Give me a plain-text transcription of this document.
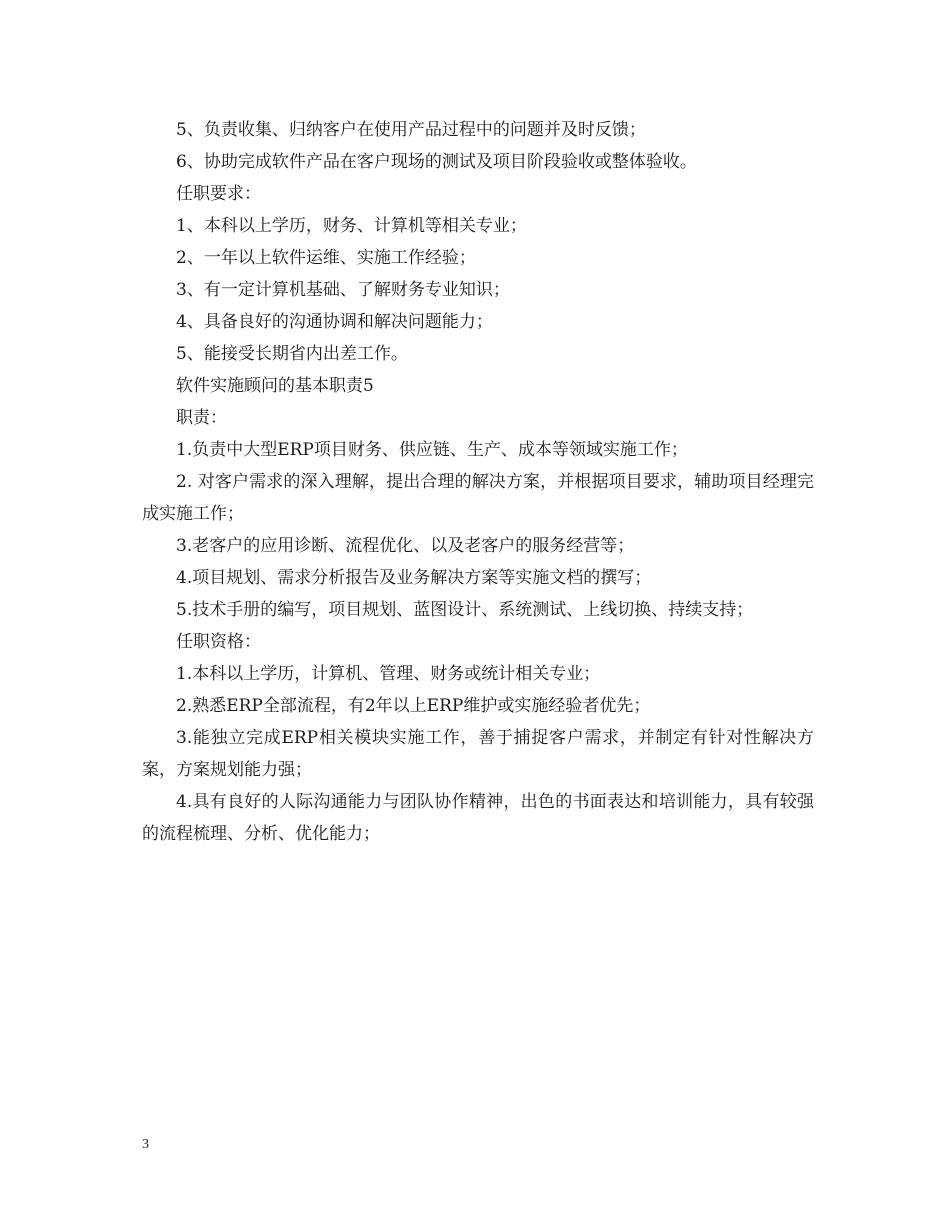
5、负责收集、归纳客户在使用产品过程中的问题并及时反馈；

6、协助完成软件产品在客户现场的测试及项目阶段验收或整体验收。

任职要求：

1、本科以上学历，财务、计算机等相关专业；

2、一年以上软件运维、实施工作经验；

3、有一定计算机基础、了解财务专业知识；

4、具备良好的沟通协调和解决问题能力；

5、能接受长期省内出差工作。

软件实施顾问的基本职责5

职责：

1.负责中大型ERP项目财务、供应链、生产、成本等领域实施工作；

2. 对客户需求的深入理解，提出合理的解决方案，并根据项目要求，辅助项目经理完成实施工作；

3.老客户的应用诊断、流程优化、以及老客户的服务经营等；

4.项目规划、需求分析报告及业务解决方案等实施文档的撰写；

5.技术手册的编写，项目规划、蓝图设计、系统测试、上线切换、持续支持；

任职资格：

1.本科以上学历，计算机、管理、财务或统计相关专业；

2.熟悉ERP全部流程，有2年以上ERP维护或实施经验者优先；

3.能独立完成ERP相关模块实施工作，善于捕捉客户需求，并制定有针对性解决方案，方案规划能力强；

4.具有良好的人际沟通能力与团队协作精神，出色的书面表达和培训能力，具有较强的流程梳理、分析、优化能力；

3
